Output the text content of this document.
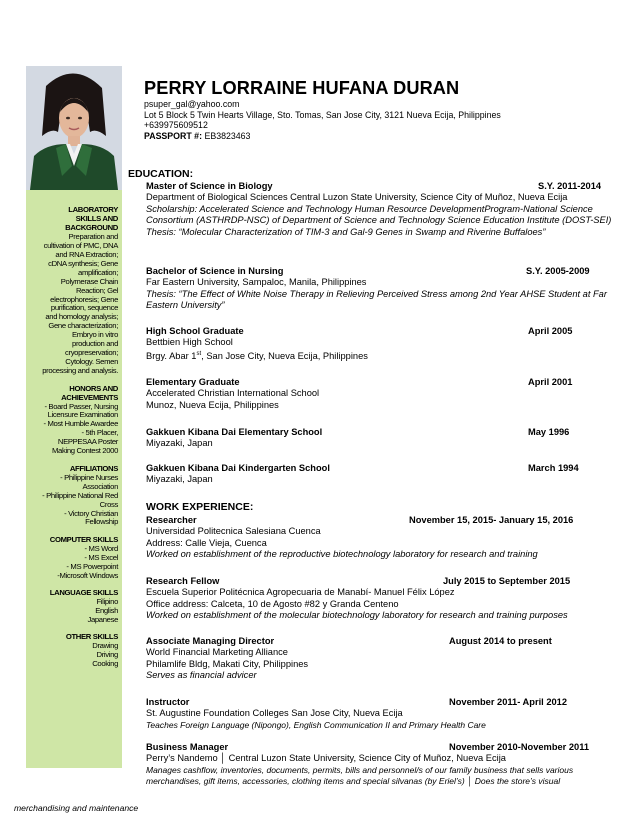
LABORATORY
SKILLS AND
BACKGROUND
Preparation and
cultivation of PMC, DNA
and RNA Extraction;
cDNA synthesis; Gene
amplification;
Polymerase Chain
Reaction; Gel
electrophoresis; Gene
purification, sequence
and homology analysis;
Gene characterization;
Embryo in vitro
production and
cryopreservation;
Cytology. Semen
processing and analysis.
HONORS AND
ACHIEVEMENTS
- Board Passer, Nursing
Licensure Examination
- Most Humble Awardee
- 5th Placer,
NEPPESAA Poster
Making Contest 2000
AFFILIATIONS
- Philippine Nurses
Association
- Philippine National Red
Cross
- Victory Christian
Fellowship
COMPUTER SKILLS
- MS Word
- MS Excel
- MS Powerpoint
-Microsoft Windows
LANGUAGE SKILLS
Filipino
English
Japanese
OTHER SKILLS
Drawing
Driving
Cooking
PERRY LORRAINE HUFANA DURAN
psuper_gal@yahoo.com
Lot 5 Block 5 Twin Hearts Village, Sto. Tomas, San Jose City, 3121 Nueva Ecija, Philippines
+639975609512
PASSPORT #: EB3823463
EDUCATION:
Master of Science in Biology	S.Y. 2011-2014
Department of Biological Sciences Central Luzon State University, Science City of Muñoz, Nueva Ecija
Scholarship: Accelerated Science and Technology Human Resource DevelopmentProgram-National Science Consortium (ASTHRDP-NSC) of Department of Science and Technology Science Education Institute (DOST-SEI)
Thesis: “Molecular Characterization of TIM-3 and Gal-9 Genes in Swamp and Riverine Buffaloes”
Bachelor of Science in Nursing	S.Y. 2005-2009
Far Eastern University, Sampaloc, Manila, Philippines
Thesis: “The Effect of White Noise Therapy in Relieving Perceived Stress among 2nd Year AHSE Student at Far Eastern University”
High School Graduate	April 2005
Bettbien High School
Brgy. Abar 1st, San Jose City, Nueva Ecija, Philippines
Elementary Graduate	April 2001
Accelerated Christian International School
Munoz, Nueva Ecija, Philippines
Gakkuen Kibana Dai Elementary School	May 1996
Miyazaki, Japan
Gakkuen Kibana Dai Kindergarten School	March 1994
Miyazaki, Japan
WORK EXPERIENCE:
Researcher	November 15, 2015- January 15, 2016
Universidad Politecnica Salesiana Cuenca
Address: Calle Vieja, Cuenca
Worked on establishment of the reproductive biotechnology laboratory for research and training
Research Fellow	July 2015 to September 2015
Escuela Superior Politécnica Agropecuaria de Manabí- Manuel Félix López
Office address: Calceta, 10 de Agosto #82 y Granda Centeno
Worked on establishment of the molecular biotechnology laboratory for research and training purposes
Associate Managing Director	August 2014 to present
World Financial Marketing Alliance
Philamlife Bldg, Makati City, Philippines
Serves as financial advicer
Instructor	November 2011- April 2012
St. Augustine Foundation Colleges San Jose City, Nueva Ecija
Teaches Foreign Language (Nipongo), English Communication II and Primary Health Care
Business Manager	November 2010-November 2011
Perry’s Nandemo │ Central Luzon State University, Science City of Muñoz, Nueva Ecija
Manages cashflow, inventories, documents, permits, bills and personnel/s of our family business that sells various
merchandises, gift items, accessories, clothing items and special silvanas (by Eriel’s) │ Does the store’s visual
merchandising and maintenance
